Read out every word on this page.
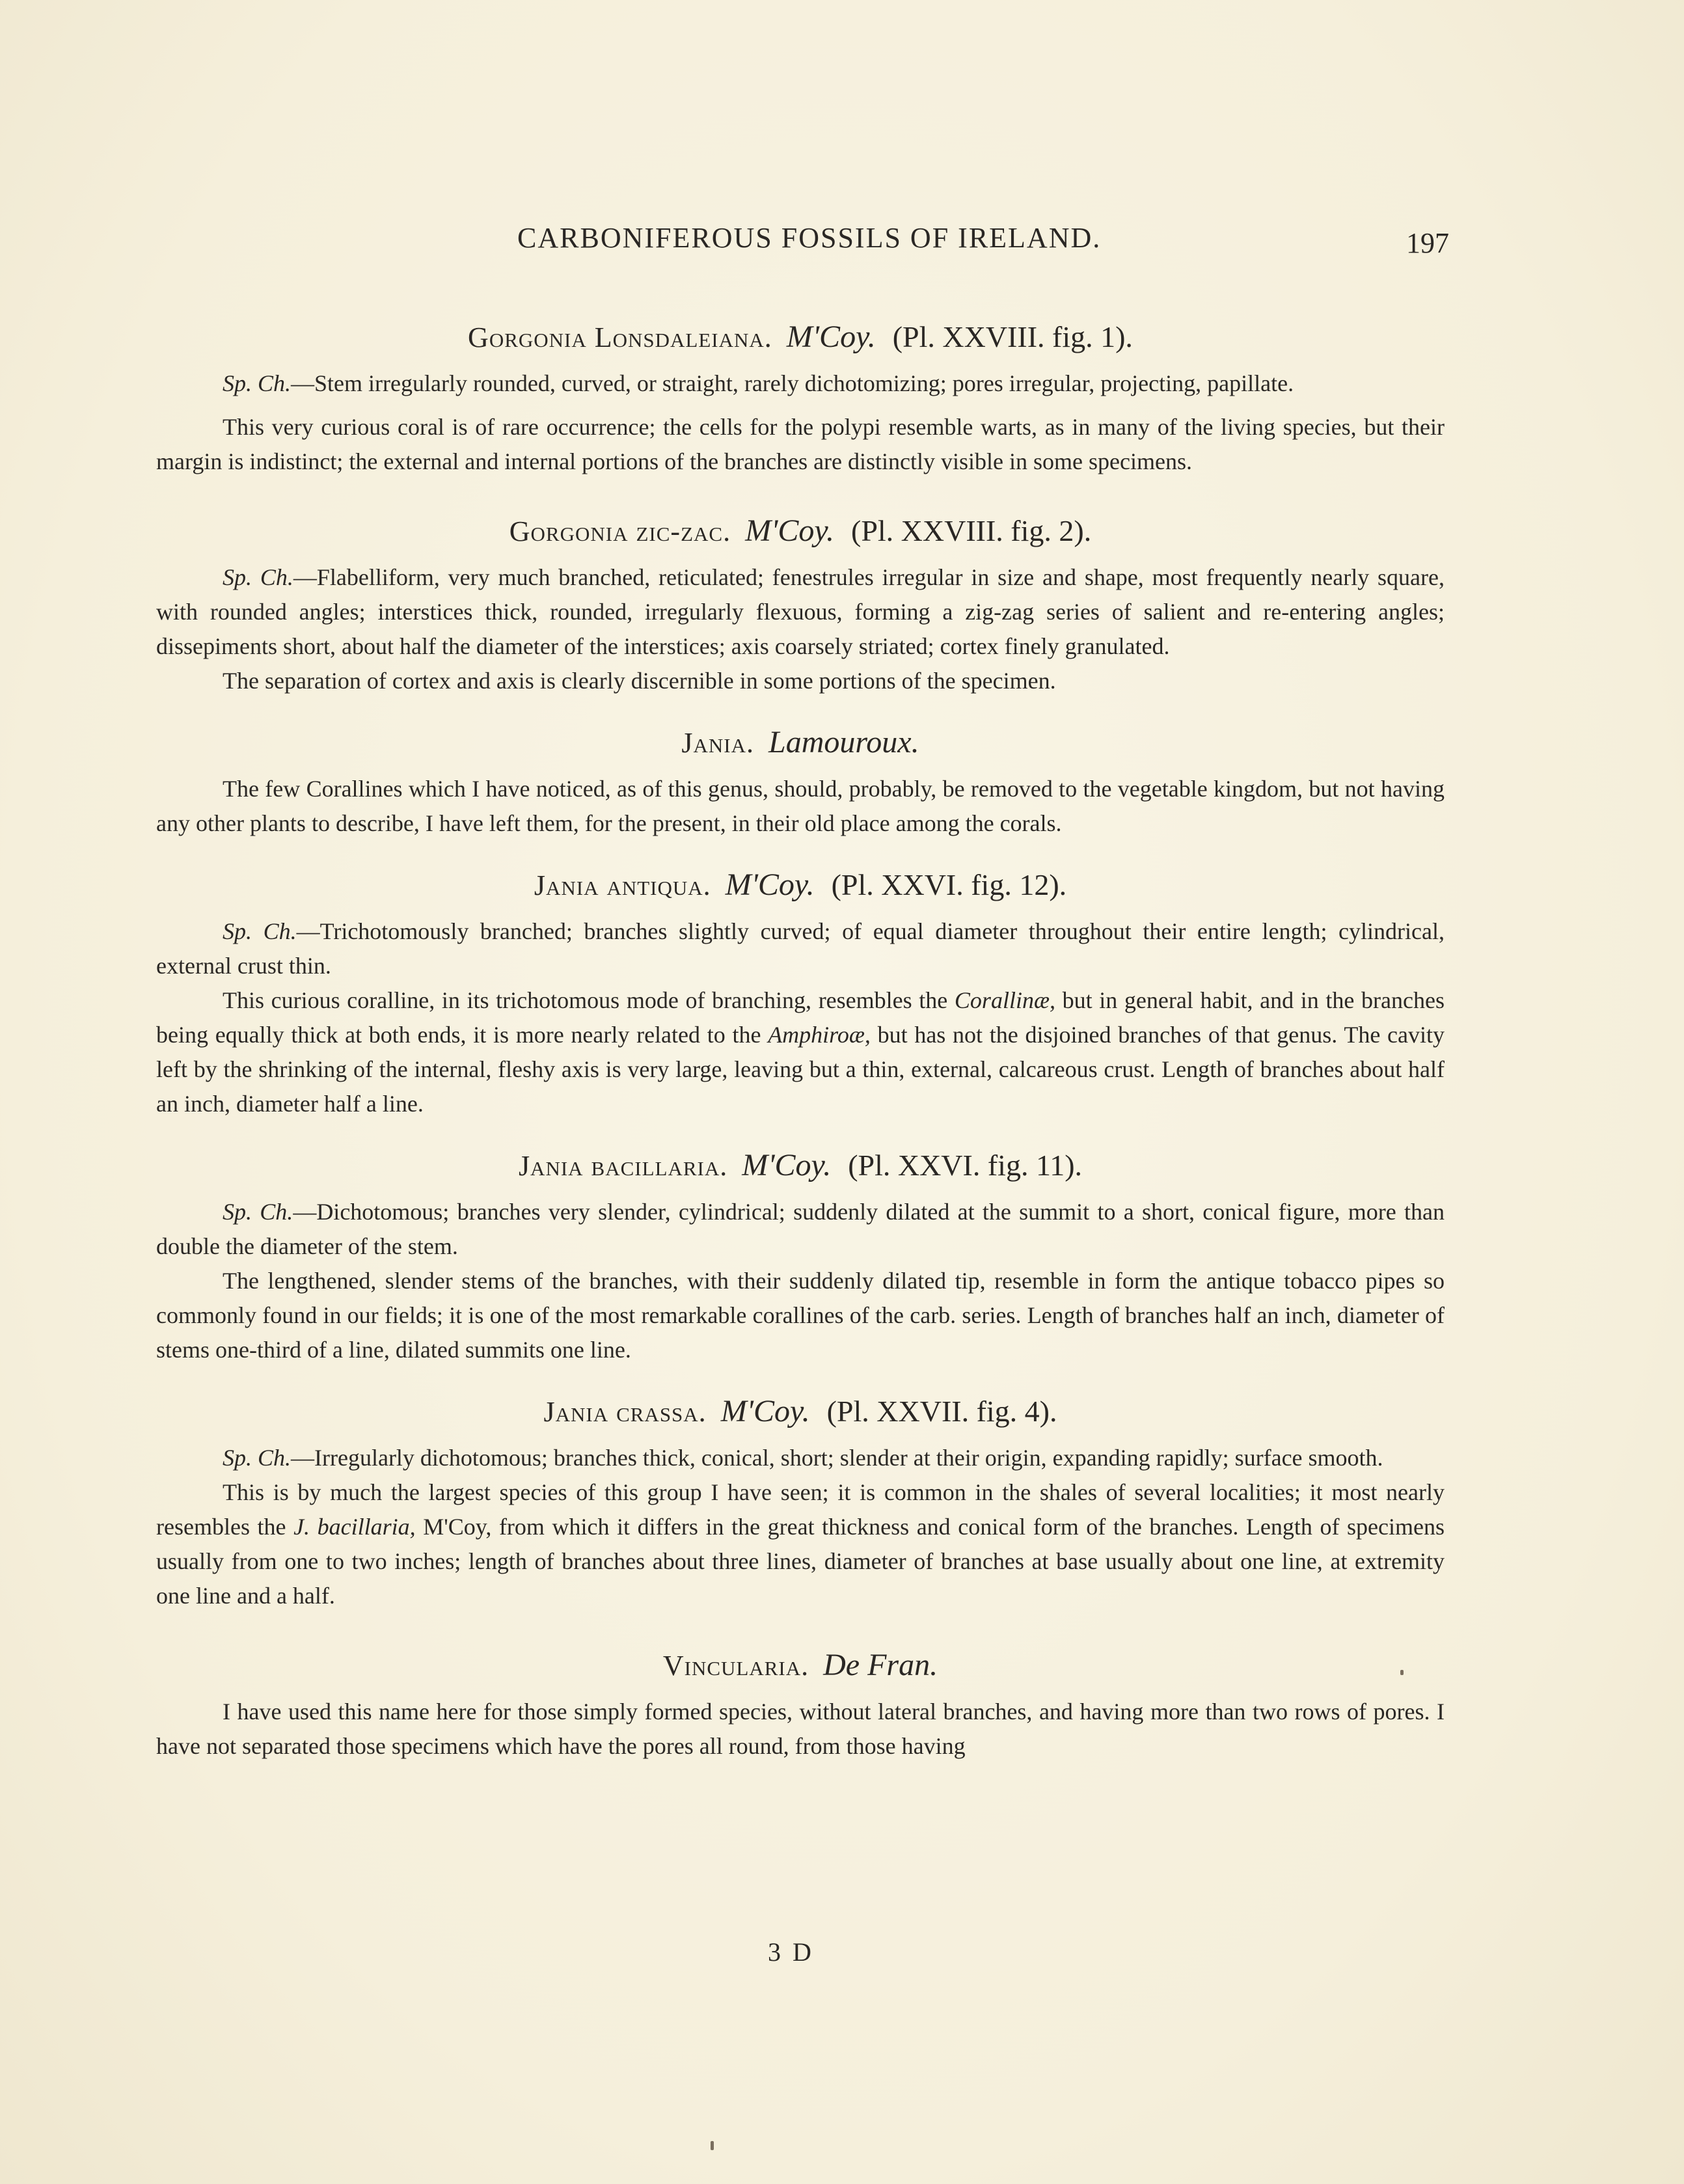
CARBONIFEROUS FOSSILS OF IRELAND.	197
Gorgonia Lonsdaleiana. M'Coy. (Pl. XXVIII. fig. 1).

Sp. Ch.—Stem irregularly rounded, curved, or straight, rarely dichotomizing; pores irregular, projecting, papillate.

This very curious coral is of rare occurrence; the cells for the polypi resemble warts, as in many of the living species, but their margin is indistinct; the external and internal portions of the branches are distinctly visible in some specimens.

Gorgonia zic-zac. M'Coy. (Pl. XXVIII. fig. 2).

Sp. Ch.—Flabelliform, very much branched, reticulated; fenestrules irregular in size and shape, most frequently nearly square, with rounded angles; interstices thick, rounded, irregularly flexuous, forming a zig-zag series of salient and re-entering angles; dissepiments short, about half the diameter of the interstices; axis coarsely striated; cortex finely granulated.

The separation of cortex and axis is clearly discernible in some portions of the specimen.

Jania. Lamouroux.

The few Corallines which I have noticed, as of this genus, should, probably, be removed to the vegetable kingdom, but not having any other plants to describe, I have left them, for the present, in their old place among the corals.

Jania antiqua. M'Coy. (Pl. XXVI. fig. 12).

Sp. Ch.—Trichotomously branched; branches slightly curved; of equal diameter throughout their entire length; cylindrical, external crust thin.

This curious coralline, in its trichotomous mode of branching, resembles the Corallinæ, but in general habit, and in the branches being equally thick at both ends, it is more nearly related to the Amphiroæ, but has not the disjoined branches of that genus. The cavity left by the shrinking of the internal, fleshy axis is very large, leaving but a thin, external, calcareous crust. Length of branches about half an inch, diameter half a line.

Jania bacillaria. M'Coy. (Pl. XXVI. fig. 11).

Sp. Ch.—Dichotomous; branches very slender, cylindrical; suddenly dilated at the summit to a short, conical figure, more than double the diameter of the stem.

The lengthened, slender stems of the branches, with their suddenly dilated tip, resemble in form the antique tobacco pipes so commonly found in our fields; it is one of the most remarkable corallines of the carb. series. Length of branches half an inch, diameter of stems one-third of a line, dilated summits one line.

Jania crassa. M'Coy. (Pl. XXVII. fig. 4).

Sp. Ch.—Irregularly dichotomous; branches thick, conical, short; slender at their origin, expanding rapidly; surface smooth.

This is by much the largest species of this group I have seen; it is common in the shales of several localities; it most nearly resembles the J. bacillaria, M'Coy, from which it differs in the great thickness and conical form of the branches. Length of specimens usually from one to two inches; length of branches about three lines, diameter of branches at base usually about one line, at extremity one line and a half.

Vincularia. De Fran.

I have used this name here for those simply formed species, without lateral branches, and having more than two rows of pores. I have not separated those specimens which have the pores all round, from those having

3 D
